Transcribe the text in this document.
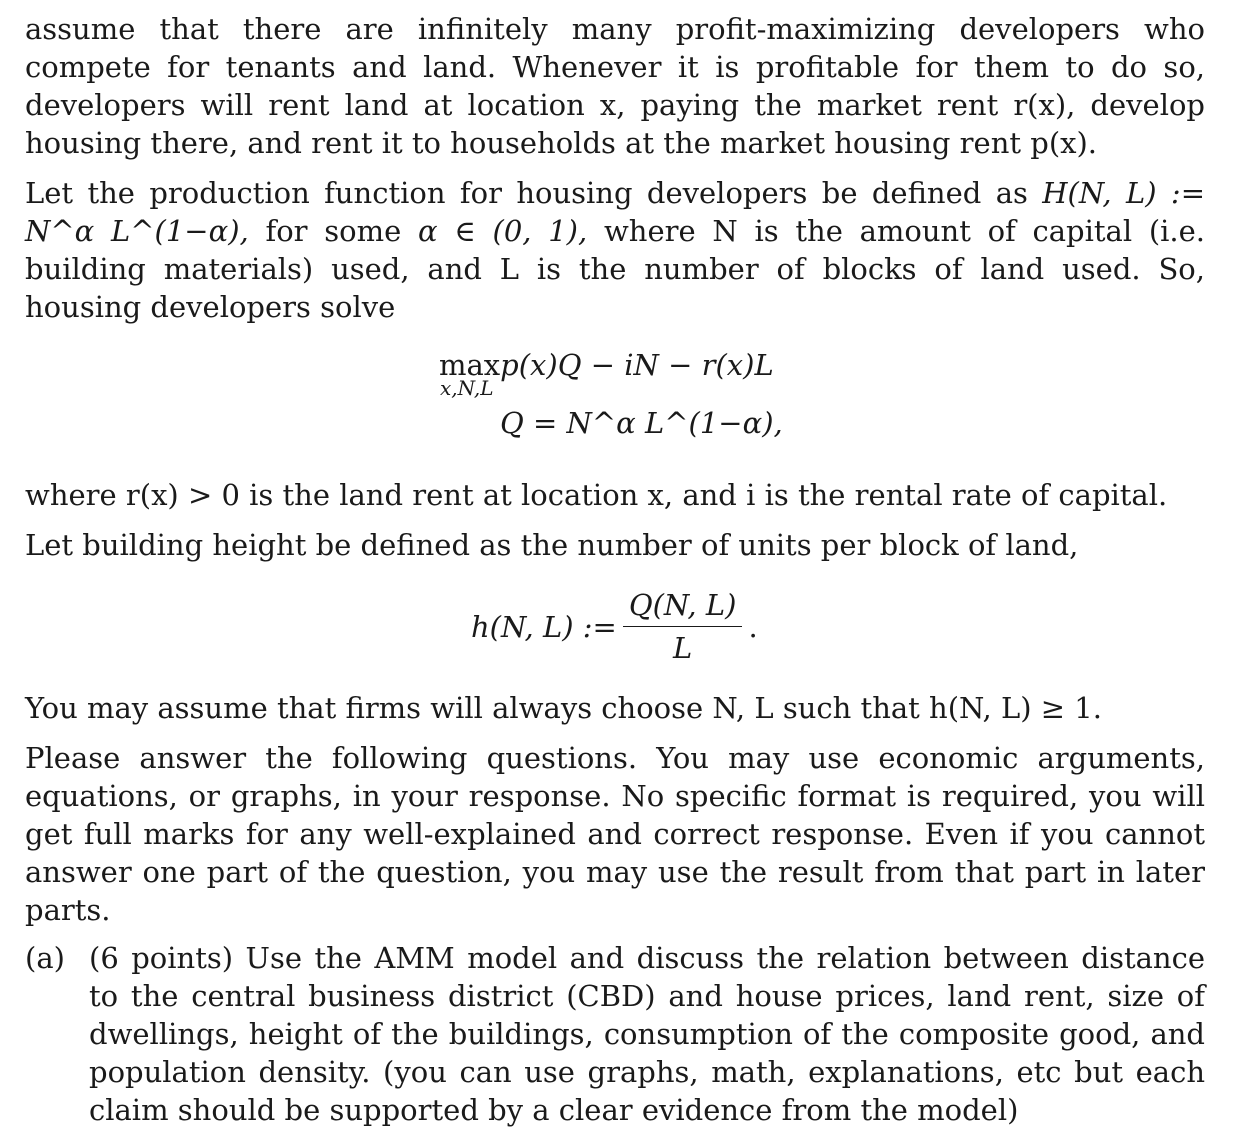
assume that there are infinitely many profit-maximizing developers who compete for tenants and land. Whenever it is profitable for them to do so, developers will rent land at location x, paying the market rent r(x), develop housing there, and rent it to households at the market housing rent p(x).

Let the production function for housing developers be defined as H(N, L) := N^α L^(1−α), for some α ∈ (0, 1), where N is the amount of capital (i.e. building materials) used, and L is the number of blocks of land used. So, housing developers solve

maxp(x)Q − iN − r(x)L
x,N,L
Q = N^α L^(1−α),

where r(x) > 0 is the land rent at location x, and i is the rental rate of capital.

Let building height be defined as the number of units per block of land,

h(N, L) := $\frac{Q(N, L)}{L}$ .

You may assume that firms will always choose N, L such that h(N, L) ≥ 1.

Please answer the following questions. You may use economic arguments, equations, or graphs, in your response. No specific format is required, you will get full marks for any well-explained and correct response. Even if you cannot answer one part of the question, you may use the result from that part in later parts.

(a) (6 points) Use the AMM model and discuss the relation between distance to the central business district (CBD) and house prices, land rent, size of dwellings, height of the buildings, consumption of the composite good, and population density. (you can use graphs, math, explanations, etc but each claim should be supported by a clear evidence from the model)
